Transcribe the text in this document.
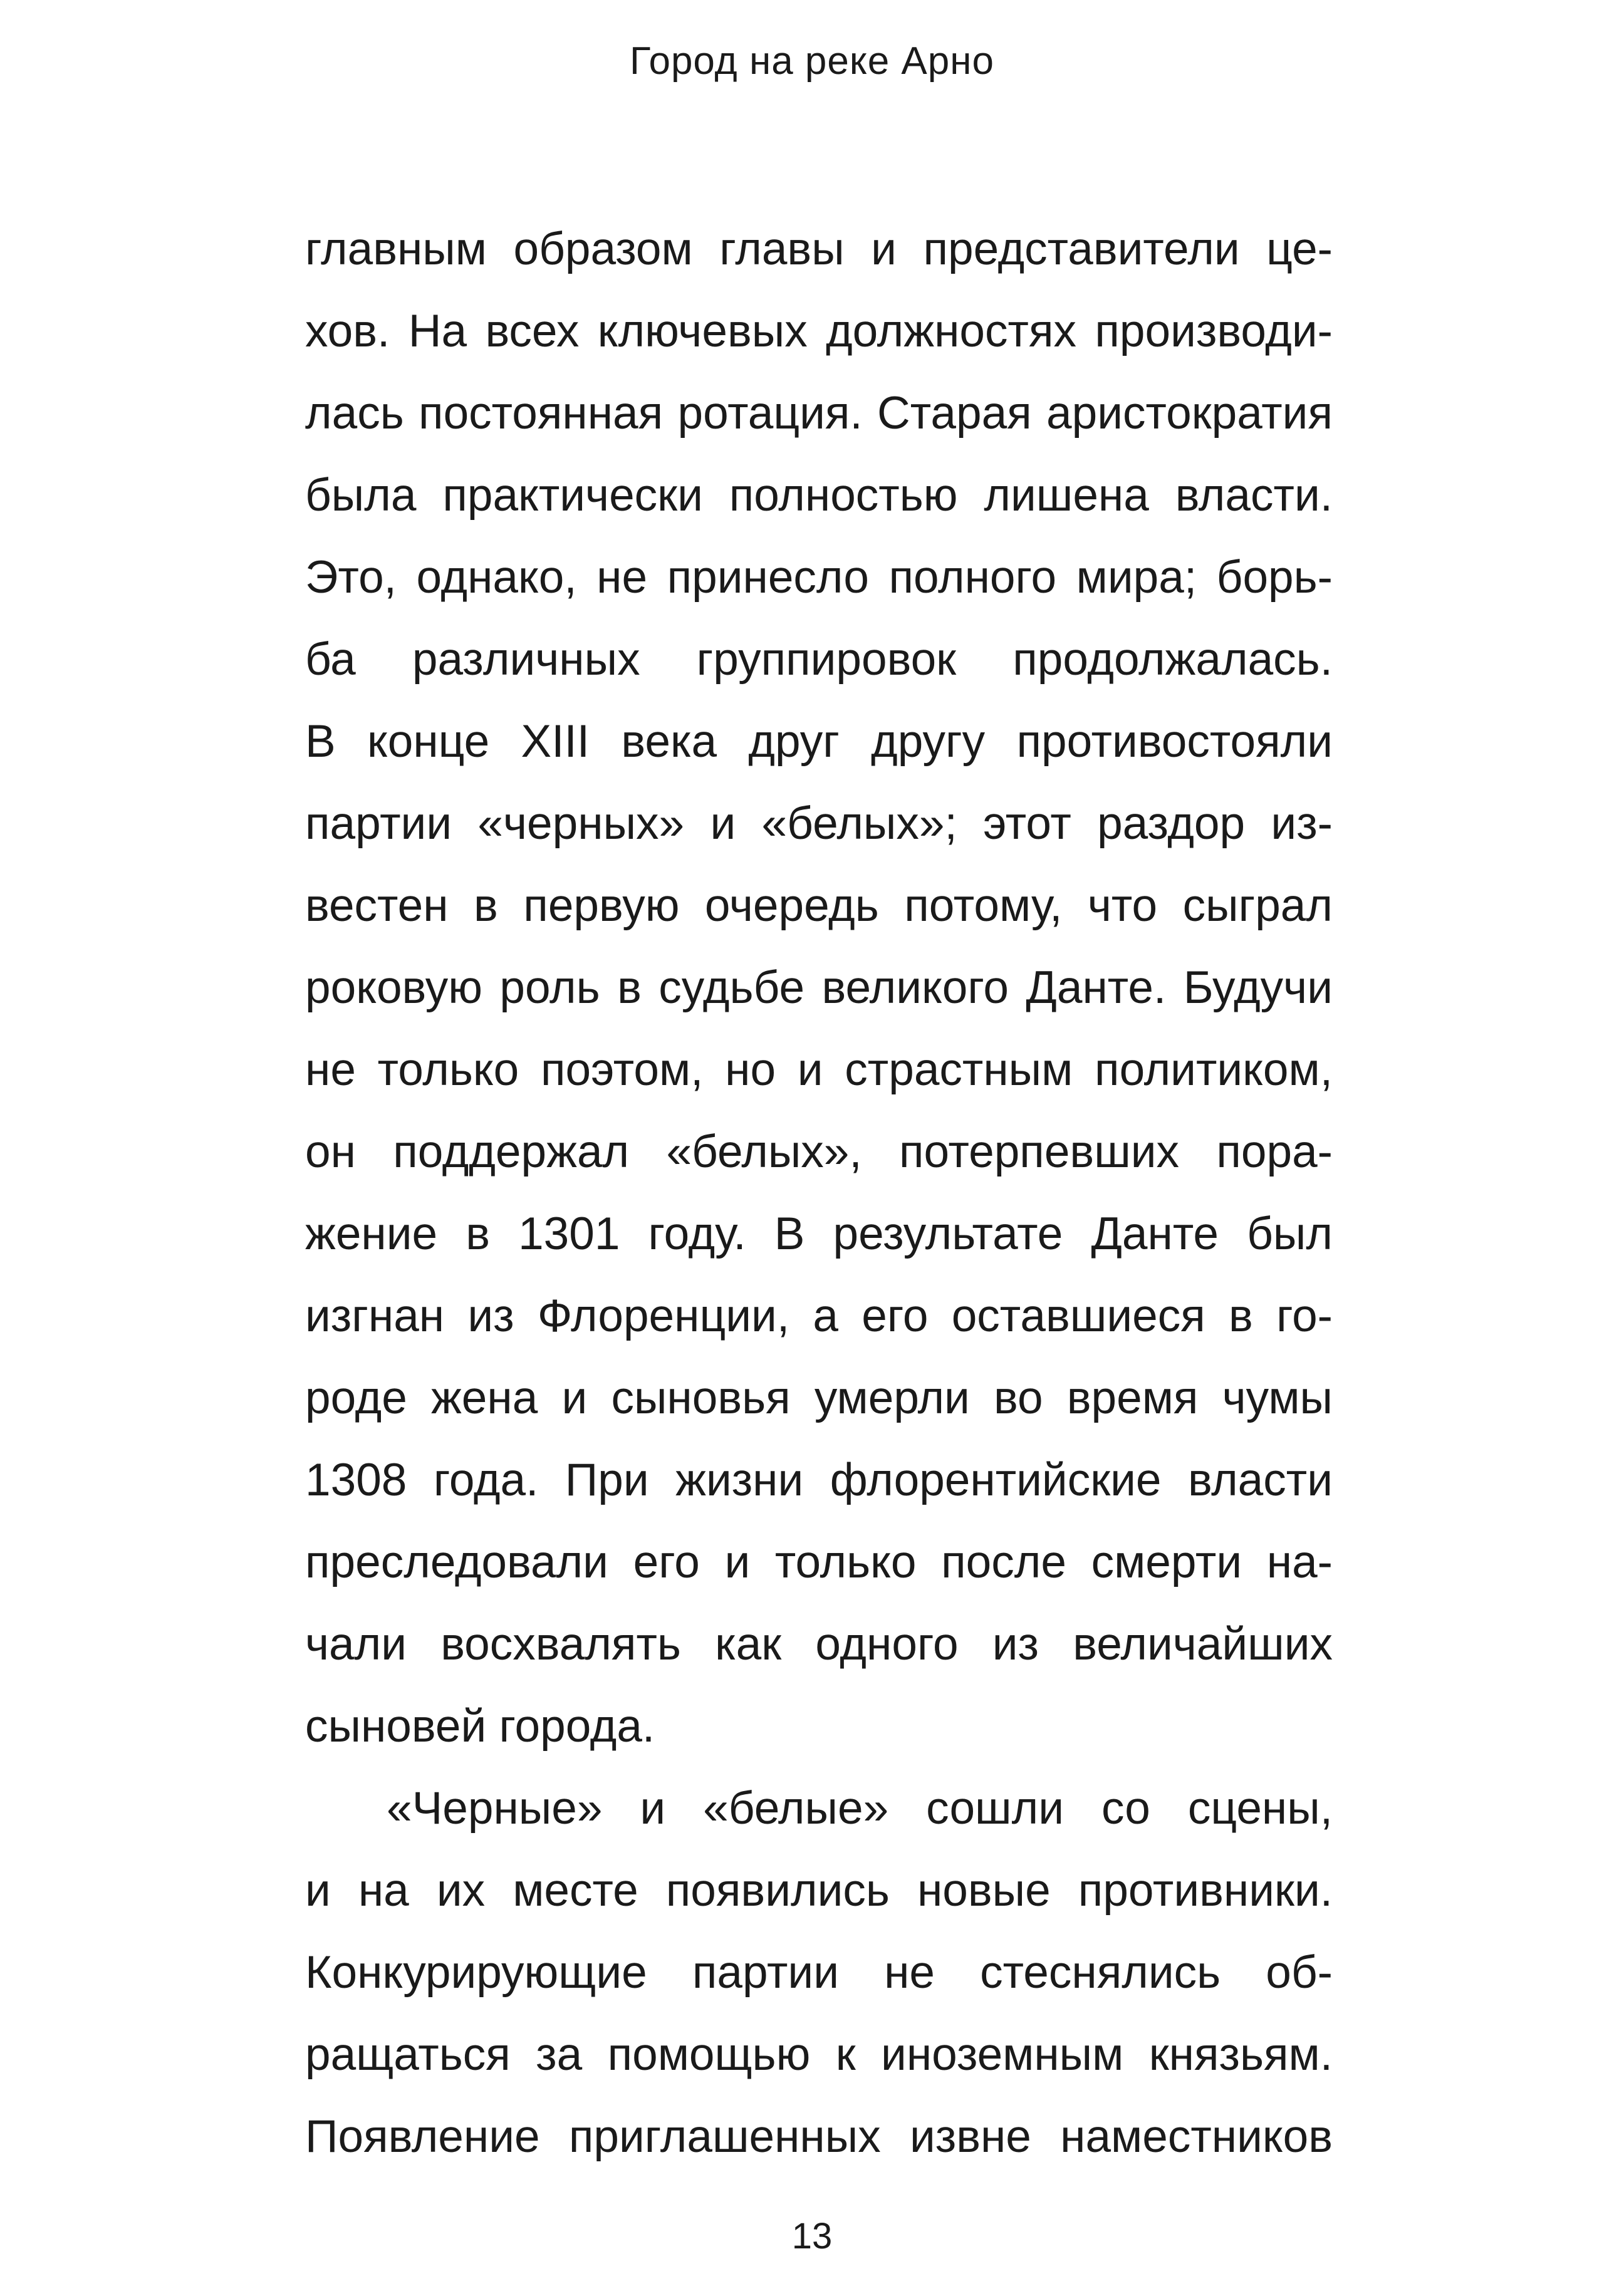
Город на реке Арно
главным образом главы и представители це-
хов. На всех ключевых должностях производи-
лась постоянная ротация. Старая аристократия
была практически полностью лишена власти.
Это, однако, не принесло полного мира; борь-
ба различных группировок продолжалась.
В конце XIII века друг другу противостояли
партии «черных» и «белых»; этот раздор из-
вестен в первую очередь потому, что сыграл
роковую роль в судьбе великого Данте. Будучи
не только поэтом, но и страстным политиком,
он поддержал «белых», потерпевших пора-
жение в 1301 году. В результате Данте был
изгнан из Флоренции, а его оставшиеся в го-
роде жена и сыновья умерли во время чумы
1308 года. При жизни флорентийские власти
преследовали его и только после смерти на-
чали восхвалять как одного из величайших
сыновей города.
«Черные» и «белые» сошли со сцены,
и на их месте появились новые противники.
Конкурирующие партии не стеснялись об-
ращаться за помощью к иноземным князьям.
Появление приглашенных извне наместников
13
